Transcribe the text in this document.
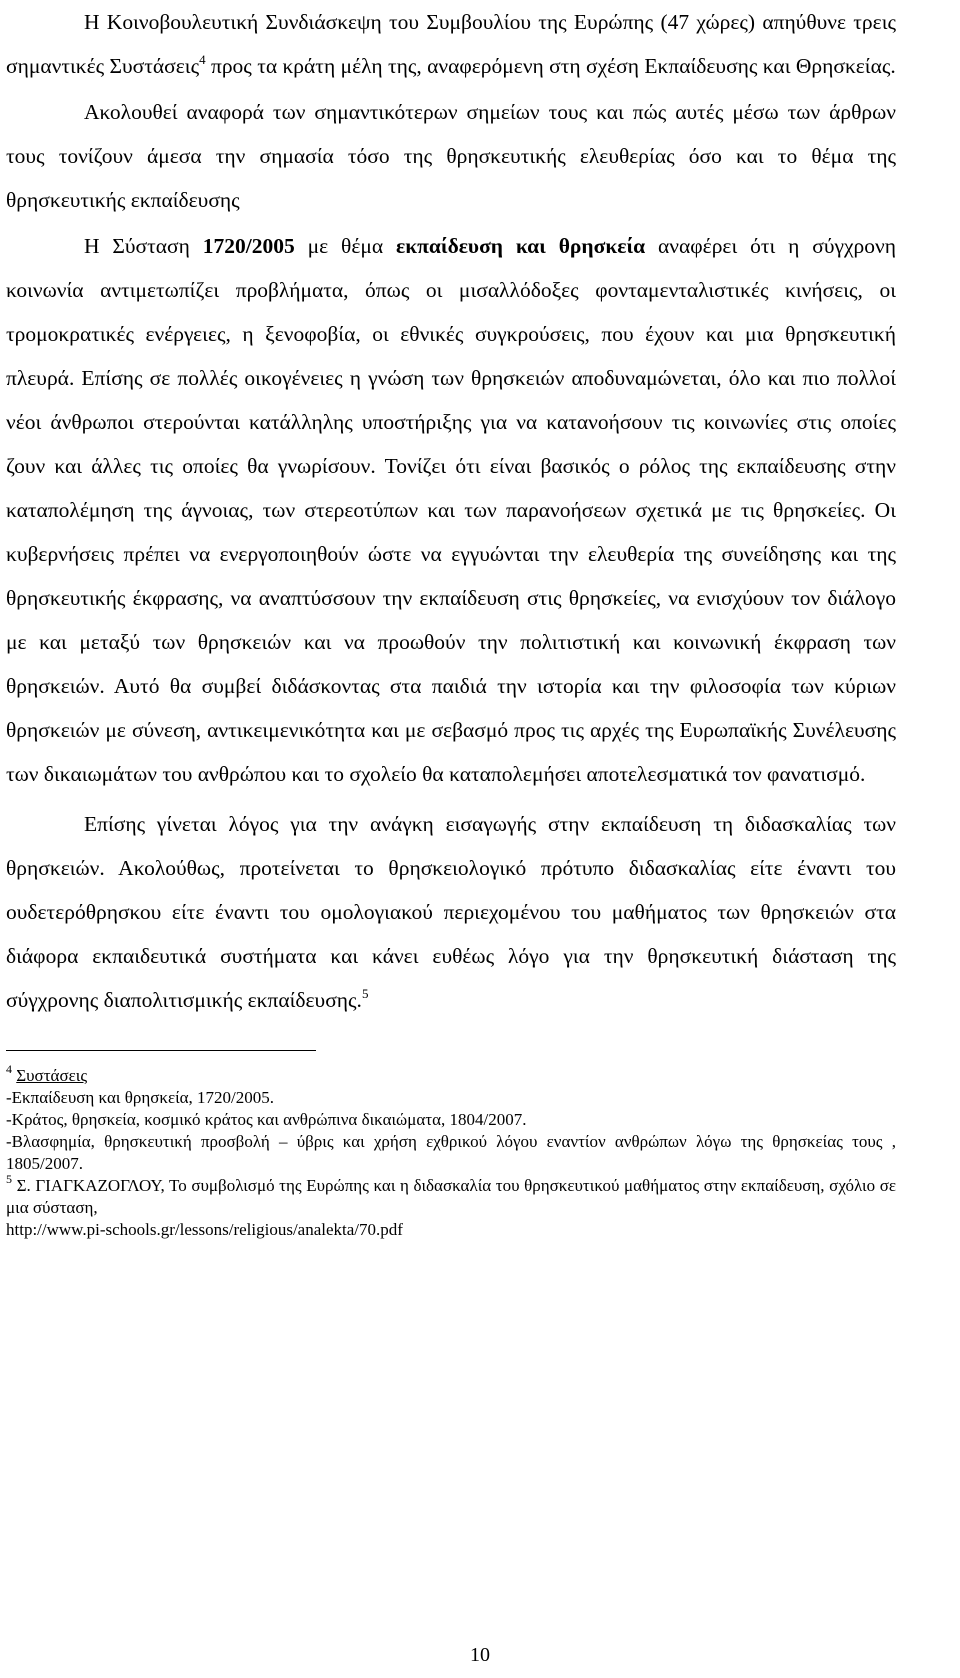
Η Κοινοβουλευτική Συνδιάσκεψη του Συμβουλίου της Ευρώπης (47 χώρες) απηύθυνε τρεις σημαντικές Συστάσεις$^4$ προς τα κράτη μέλη της, αναφερόμενη στη σχέση Εκπαίδευσης και Θρησκείας.

Ακολουθεί αναφορά των σημαντικότερων σημείων τους και πώς αυτές μέσω των άρθρων τους τονίζουν άμεσα την σημασία τόσο της θρησκευτικής ελευθερίας όσο και το θέμα της θρησκευτικής εκπαίδευσης

Η Σύσταση 1720/2005 με θέμα εκπαίδευση και θρησκεία αναφέρει ότι η σύγχρονη κοινωνία αντιμετωπίζει προβλήματα, όπως οι μισαλλόδοξες φονταμενταλιστικές κινήσεις, οι τρομοκρατικές ενέργειες, η ξενοφοβία, οι εθνικές συγκρούσεις, που έχουν και μια θρησκευτική πλευρά. Επίσης σε πολλές οικογένειες η γνώση των θρησκειών αποδυναμώνεται, όλο και πιο πολλοί νέοι άνθρωποι στερούνται κατάλληλης υποστήριξης για να κατανοήσουν τις κοινωνίες στις οποίες ζουν και άλλες τις οποίες θα γνωρίσουν. Τονίζει ότι είναι βασικός ο ρόλος της εκπαίδευσης στην καταπολέμηση της άγνοιας, των στερεοτύπων και των παρανοήσεων σχετικά με τις θρησκείες. Οι κυβερνήσεις πρέπει να ενεργοποιηθούν ώστε να εγγυώνται την ελευθερία της συνείδησης και της θρησκευτικής έκφρασης, να αναπτύσσουν την εκπαίδευση στις θρησκείες, να ενισχύουν τον διάλογο με και μεταξύ των θρησκειών και να προωθούν την πολιτιστική και κοινωνική έκφραση των θρησκειών. Αυτό θα συμβεί διδάσκοντας στα παιδιά την ιστορία και την φιλοσοφία των κύριων θρησκειών με σύνεση, αντικειμενικότητα και με σεβασμό προς τις αρχές της Ευρωπαϊκής Συνέλευσης των δικαιωμάτων του ανθρώπου και το σχολείο θα καταπολεμήσει αποτελεσματικά τον φανατισμό.

Επίσης γίνεται λόγος για την ανάγκη εισαγωγής στην εκπαίδευση τη διδασκαλίας των θρησκειών. Ακολούθως, προτείνεται το θρησκειολογικό πρότυπο διδασκαλίας είτε έναντι του ουδετερόθρησκου είτε έναντι του ομολογιακού περιεχομένου του μαθήματος των θρησκειών στα διάφορα εκπαιδευτικά συστήματα και κάνει ευθέως λόγο για την θρησκευτική διάσταση της σύγχρονης διαπολιτισμικής εκπαίδευσης.$^5$

$^4$ Συστάσεις

-Εκπαίδευση και θρησκεία, 1720/2005.

-Κράτος, θρησκεία, κοσμικό κράτος και ανθρώπινα δικαιώματα, 1804/2007.

-Βλασφημία, θρησκευτική προσβολή – ύβρις και χρήση εχθρικού λόγου εναντίον ανθρώπων λόγω της θρησκείας τους , 1805/2007.

$^5$ Σ. ΓΙΑΓΚΑΖΟΓΛΟΥ, Το συμβολισμό της Ευρώπης και η διδασκαλία του θρησκευτικού μαθήματος στην εκπαίδευση, σχόλιο σε μια σύσταση,

http://www.pi-schools.gr/lessons/religious/analekta/70.pdf

10
